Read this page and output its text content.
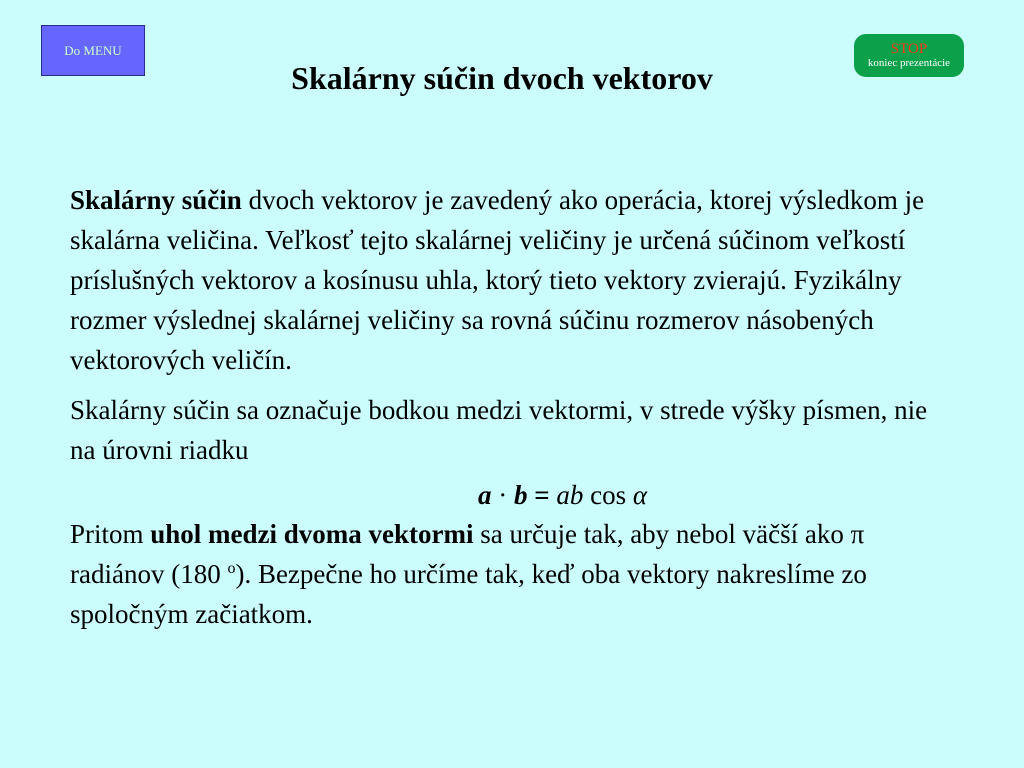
Do MENU	STOP
koniec prezentácie
Skalárny súčin dvoch vektorov

Skalárny súčin dvoch vektorov je zavedený ako operácia, ktorej výsledkom je skalárna veličina. Veľkosť tejto skalárnej veličiny je určená súčinom veľkostí príslušných vektorov a kosínusu uhla, ktorý tieto vektory zvierajú. Fyzikálny rozmer výslednej skalárnej veličiny sa rovná súčinu rozmerov násobených vektorových veličín.

Skalárny súčin sa označuje bodkou medzi vektormi, v strede výšky písmen, nie na úrovni riadku

a · b = ab cos α

Pritom uhol medzi dvoma vektormi sa určuje tak, aby nebol väčší ako π radiánov (180 $^o$). Bezpečne ho určíme tak, keď oba vektory nakreslíme zo spoločným začiatkom.
